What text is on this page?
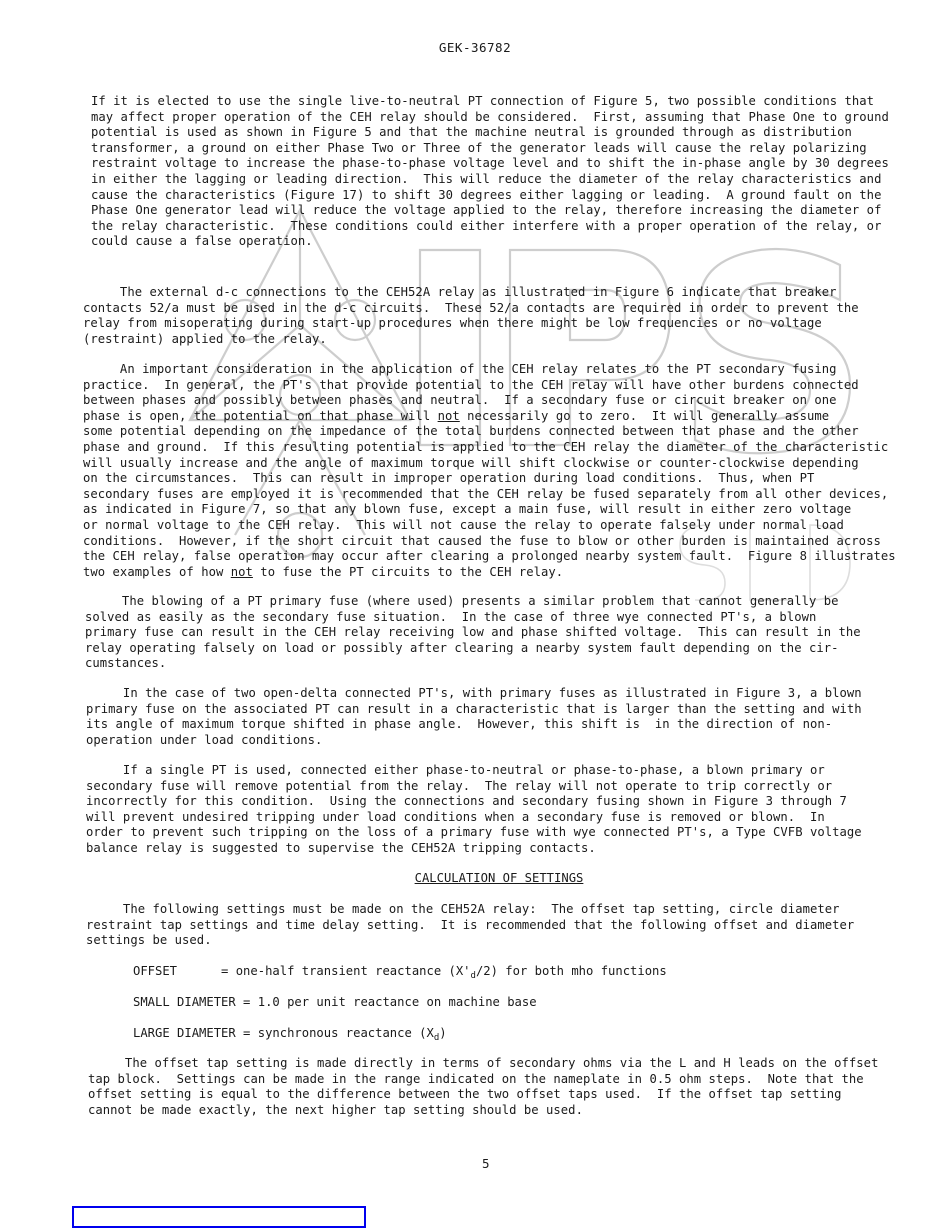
GEK-36782

If it is elected to use the single live-to-neutral PT connection of Figure 5, two possible conditions that
may affect proper operation of the CEH relay should be considered.  First, assuming that Phase One to ground
potential is used as shown in Figure 5 and that the machine neutral is grounded through as distribution
transformer, a ground on either Phase Two or Three of the generator leads will cause the relay polarizing
restraint voltage to increase the phase-to-phase voltage level and to shift the in-phase angle by 30 degrees
in either the lagging or leading direction.  This will reduce the diameter of the relay characteristics and
cause the characteristics (Figure 17) to shift 30 degrees either lagging or leading.  A ground fault on the
Phase One generator lead will reduce the voltage applied to the relay, therefore increasing the diameter of
the relay characteristic.  These conditions could either interfere with a proper operation of the relay, or
could cause a false operation.

The external d-c connections to the CEH52A relay as illustrated in Figure 6 indicate that breaker
contacts 52/a must be used in the d-c circuits.  These 52/a contacts are required in order to prevent the
relay from misoperating during start-up procedures when there might be low frequencies or no voltage
(restraint) applied to the relay.

An important consideration in the application of the CEH relay relates to the PT secondary fusing
practice.  In general, the PT's that provide potential to the CEH relay will have other burdens connected
between phases and possibly between phases and neutral.  If a secondary fuse or circuit breaker on one
phase is open, the potential on that phase will not necessarily go to zero.  It will generally assume
some potential depending on the impedance of the total burdens connected between that phase and the other
phase and ground.  If this resulting potential is applied to the CEH relay the diameter of the characteristic
will usually increase and the angle of maximum torque will shift clockwise or counter-clockwise depending
on the circumstances.  This can result in improper operation during load conditions.  Thus, when PT
secondary fuses are employed it is recommended that the CEH relay be fused separately from all other devices,
as indicated in Figure 7, so that any blown fuse, except a main fuse, will result in either zero voltage
or normal voltage to the CEH relay.  This will not cause the relay to operate falsely under normal load
conditions.  However, if the short circuit that caused the fuse to blow or other burden is maintained across
the CEH relay, false operation may occur after clearing a prolonged nearby system fault.  Figure 8 illustrates
two examples of how not to fuse the PT circuits to the CEH relay.

The blowing of a PT primary fuse (where used) presents a similar problem that cannot generally be
solved as easily as the secondary fuse situation.  In the case of three wye connected PT's, a blown
primary fuse can result in the CEH relay receiving low and phase shifted voltage.  This can result in the
relay operating falsely on load or possibly after clearing a nearby system fault depending on the cir-
cumstances.

In the case of two open-delta connected PT's, with primary fuses as illustrated in Figure 3, a blown
primary fuse on the associated PT can result in a characteristic that is larger than the setting and with
its angle of maximum torque shifted in phase angle.  However, this shift is  in the direction of non-
operation under load conditions.

If a single PT is used, connected either phase-to-neutral or phase-to-phase, a blown primary or
secondary fuse will remove potential from the relay.  The relay will not operate to trip correctly or
incorrectly for this condition.  Using the connections and secondary fusing shown in Figure 3 through 7
will prevent undesired tripping under load conditions when a secondary fuse is removed or blown.  In
order to prevent such tripping on the loss of a primary fuse with wye connected PT's, a Type CVFB voltage
balance relay is suggested to supervise the CEH52A tripping contacts.

CALCULATION OF SETTINGS

The following settings must be made on the CEH52A relay:  The offset tap setting, circle diameter
restraint tap settings and time delay setting.  It is recommended that the following offset and diameter
settings be used.

OFFSET      = one-half transient reactance $(X'_d/2)$ for both mho functions
SMALL DIAMETER = 1.0 per unit reactance on machine base
LARGE DIAMETER = synchronous reactance $(X_d)$

The offset tap setting is made directly in terms of secondary ohms via the L and H leads on the offset
tap block.  Settings can be made in the range indicated on the nameplate in 0.5 ohm steps.  Note that the
offset setting is equal to the difference between the two offset taps used.  If the offset tap setting
cannot be made exactly, the next higher tap setting should be used.

5
